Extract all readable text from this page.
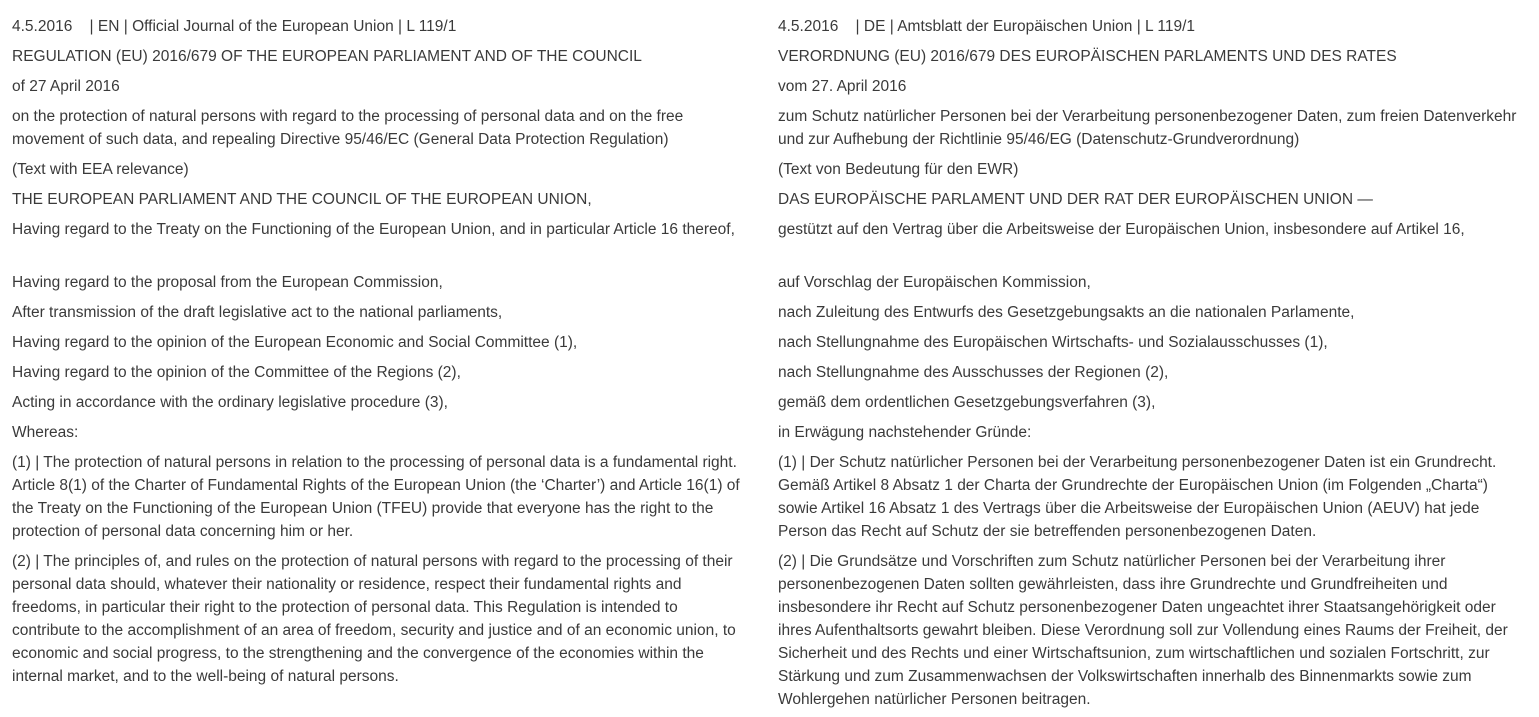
4.5.2016    | EN | Official Journal of the European Union | L 119/1

REGULATION (EU) 2016/679 OF THE EUROPEAN PARLIAMENT AND OF THE COUNCIL

of 27 April 2016

on the protection of natural persons with regard to the processing of personal data and on the free movement of such data, and repealing Directive 95/46/EC (General Data Protection Regulation)

(Text with EEA relevance)

THE EUROPEAN PARLIAMENT AND THE COUNCIL OF THE EUROPEAN UNION,

Having regard to the Treaty on the Functioning of the European Union, and in particular Article 16 thereof,

Having regard to the proposal from the European Commission,

After transmission of the draft legislative act to the national parliaments,

Having regard to the opinion of the European Economic and Social Committee (1),

Having regard to the opinion of the Committee of the Regions (2),

Acting in accordance with the ordinary legislative procedure (3),

Whereas:

(1) | The protection of natural persons in relation to the processing of personal data is a fundamental right. Article 8(1) of the Charter of Fundamental Rights of the European Union (the ‘Charter’) and Article 16(1) of the Treaty on the Functioning of the European Union (TFEU) provide that everyone has the right to the protection of personal data concerning him or her.

(2) | The principles of, and rules on the protection of natural persons with regard to the processing of their personal data should, whatever their nationality or residence, respect their fundamental rights and freedoms, in particular their right to the protection of personal data. This Regulation is intended to contribute to the accomplishment of an area of freedom, security and justice and of an economic union, to economic and social progress, to the strengthening and the convergence of the economies within the internal market, and to the well-being of natural persons.

4.5.2016    | DE | Amtsblatt der Europäischen Union | L 119/1

VERORDNUNG (EU) 2016/679 DES EUROPÄISCHEN PARLAMENTS UND DES RATES

vom 27. April 2016

zum Schutz natürlicher Personen bei der Verarbeitung personenbezogener Daten, zum freien Datenverkehr und zur Aufhebung der Richtlinie 95/46/EG (Datenschutz-Grundverordnung)

(Text von Bedeutung für den EWR)

DAS EUROPÄISCHE PARLAMENT UND DER RAT DER EUROPÄISCHEN UNION —

gestützt auf den Vertrag über die Arbeitsweise der Europäischen Union, insbesondere auf Artikel 16,

auf Vorschlag der Europäischen Kommission,

nach Zuleitung des Entwurfs des Gesetzgebungsakts an die nationalen Parlamente,

nach Stellungnahme des Europäischen Wirtschafts- und Sozialausschusses (1),

nach Stellungnahme des Ausschusses der Regionen (2),

gemäß dem ordentlichen Gesetzgebungsverfahren (3),

in Erwägung nachstehender Gründe:

(1) | Der Schutz natürlicher Personen bei der Verarbeitung personenbezogener Daten ist ein Grundrecht. Gemäß Artikel 8 Absatz 1 der Charta der Grundrechte der Europäischen Union (im Folgenden „Charta“) sowie Artikel 16 Absatz 1 des Vertrags über die Arbeitsweise der Europäischen Union (AEUV) hat jede Person das Recht auf Schutz der sie betreffenden personenbezogenen Daten.

(2) | Die Grundsätze und Vorschriften zum Schutz natürlicher Personen bei der Verarbeitung ihrer personenbezogenen Daten sollten gewährleisten, dass ihre Grundrechte und Grundfreiheiten und insbesondere ihr Recht auf Schutz personenbezogener Daten ungeachtet ihrer Staatsangehörigkeit oder ihres Aufenthaltsorts gewahrt bleiben. Diese Verordnung soll zur Vollendung eines Raums der Freiheit, der Sicherheit und des Rechts und einer Wirtschaftsunion, zum wirtschaftlichen und sozialen Fortschritt, zur Stärkung und zum Zusammenwachsen der Volkswirtschaften innerhalb des Binnenmarkts sowie zum Wohlergehen natürlicher Personen beitragen.
